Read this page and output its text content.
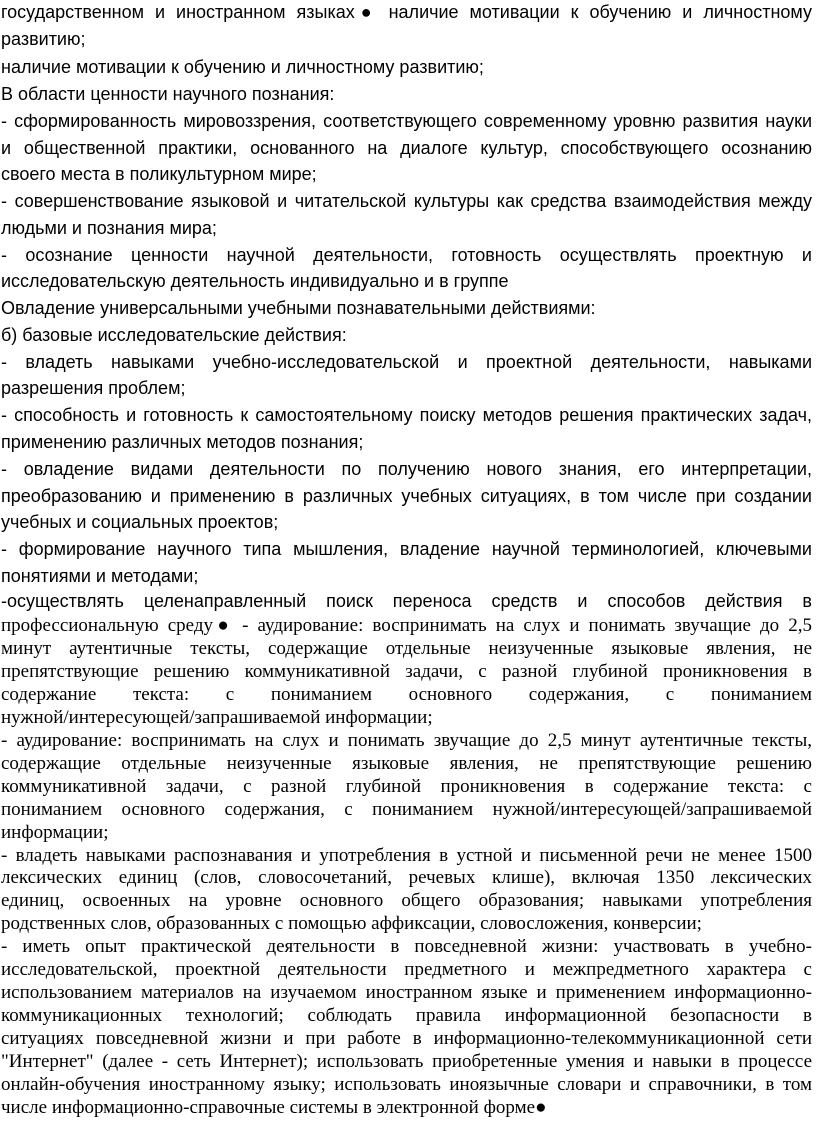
государственном и иностранном языках● наличие мотивации к обучению и личностному
развитию;
наличие мотивации к обучению и личностному развитию;
В области ценности научного познания:
- сформированность мировоззрения, соответствующего современному уровню развития науки
и общественной практики, основанного на диалоге культур, способствующего осознанию
своего места в поликультурном мире;
- совершенствование языковой и читательской культуры как средства взаимодействия между
людьми и познания мира;
- осознание ценности научной деятельности, готовность осуществлять проектную и
исследовательскую деятельность индивидуально и в группе
Овладение универсальными учебными познавательными действиями:
б) базовые исследовательские действия:
- владеть навыками учебно-исследовательской и проектной деятельности, навыками
разрешения проблем;
- способность и готовность к самостоятельному поиску методов решения практических задач,
применению различных методов познания;
- овладение видами деятельности по получению нового знания, его интерпретации,
преобразованию и применению в различных учебных ситуациях, в том числе при создании
учебных и социальных проектов;
- формирование научного типа мышления, владение научной терминологией, ключевыми
понятиями и методами;
-осуществлять целенаправленный поиск переноса средств и способов действия в
профессиональную среду● - аудирование: воспринимать на слух и понимать звучащие до 2,5
минут аутентичные тексты, содержащие отдельные неизученные языковые явления, не
препятствующие решению коммуникативной задачи, с разной глубиной проникновения в
содержание текста: с пониманием основного содержания, с пониманием
нужной/интересующей/запрашиваемой информации;
- аудирование: воспринимать на слух и понимать звучащие до 2,5 минут аутентичные тексты,
содержащие отдельные неизученные языковые явления, не препятствующие решению
коммуникативной задачи, с разной глубиной проникновения в содержание текста: с
пониманием основного содержания, с пониманием нужной/интересующей/запрашиваемой
информации;
- владеть навыками распознавания и употребления в устной и письменной речи не менее 1500
лексических единиц (слов, словосочетаний, речевых клише), включая 1350 лексических
единиц, освоенных на уровне основного общего образования; навыками употребления
родственных слов, образованных с помощью аффиксации, словосложения, конверсии;
- иметь опыт практической деятельности в повседневной жизни: участвовать в учебно-
исследовательской, проектной деятельности предметного и межпредметного характера с
использованием материалов на изучаемом иностранном языке и применением информационно-
коммуникационных технологий; соблюдать правила информационной безопасности в
ситуациях повседневной жизни и при работе в информационно-телекоммуникационной сети
"Интернет" (далее - сеть Интернет); использовать приобретенные умения и навыки в процессе
онлайн-обучения иностранному языку; использовать иноязычные словари и справочники, в том
числе информационно-справочные системы в электронной форме●
